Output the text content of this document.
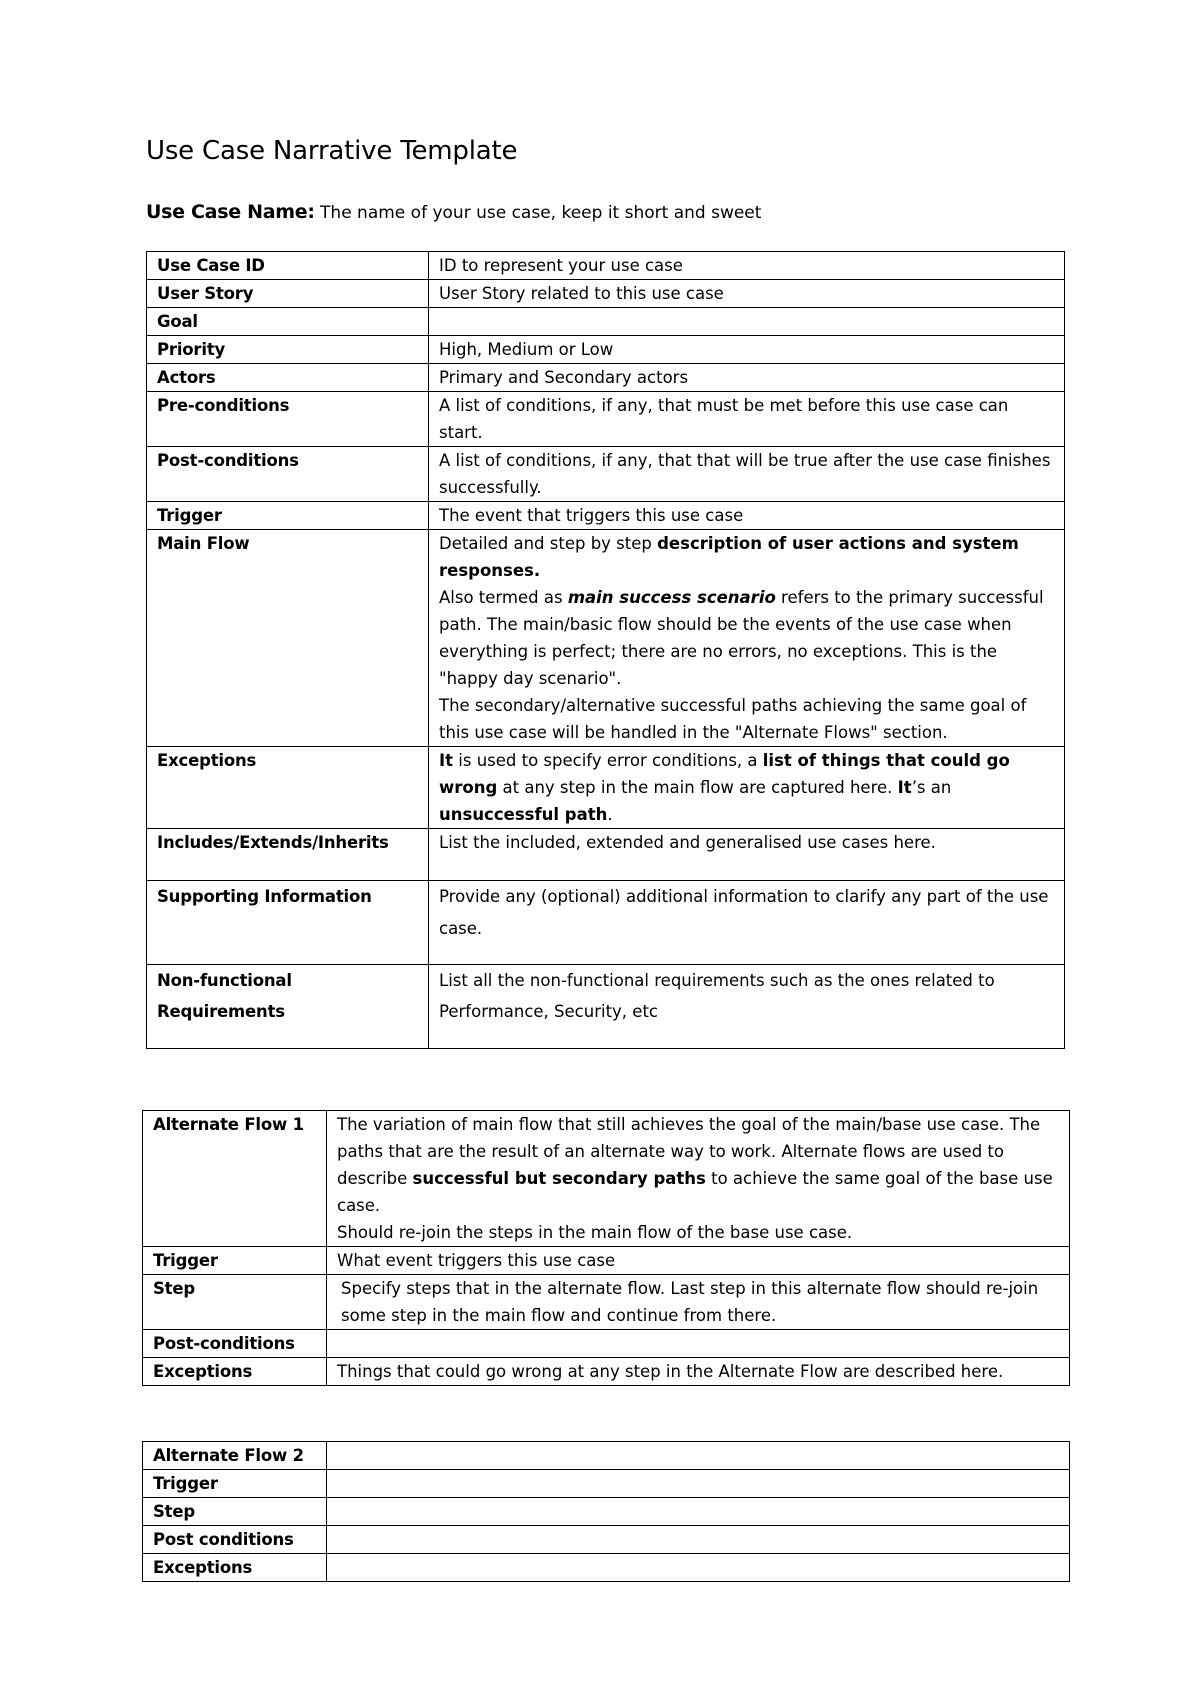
Use Case Narrative Template

Use Case Name: The name of your use case, keep it short and sweet

Use Case ID	ID to represent your use case
User Story	User Story related to this use case
Goal	
Priority	High, Medium or Low
Actors	Primary and Secondary actors
Pre-conditions	A list of conditions, if any, that must be met before this use case can start.
Post-conditions	A list of conditions, if any, that that will be true after the use case finishes successfully.
Trigger	The event that triggers this use case
Main Flow	Detailed and step by step description of user actions and system responses.

Also termed as main success scenario refers to the primary successful path. The main/basic flow should be the events of the use case when everything is perfect; there are no errors, no exceptions. This is the "happy day scenario".

The secondary/alternative successful paths achieving the same goal of this use case will be handled in the "Alternate Flows" section.

Exceptions	It is used to specify error conditions, a list of things that could go wrong at any step in the main flow are captured here. It’s an unsuccessful path.
Includes/Extends/Inherits	List the included, extended and generalised use cases here.
Supporting Information	Provide any (optional) additional information to clarify any part of the use case.
Non-functional Requirements	List all the non-functional requirements such as the ones related to Performance, Security, etc
Alternate Flow 1	The variation of main flow that still achieves the goal of the main/base use case. The paths that are the result of an alternate way to work. Alternate flows are used to describe successful but secondary paths to achieve the same goal of the base use case.

Should re-join the steps in the main flow of the base use case.

Trigger	What event triggers this use case
Step	Specify steps that in the alternate flow. Last step in this alternate flow should re-join some step in the main flow and continue from there.
Post-conditions	
Exceptions	Things that could go wrong at any step in the Alternate Flow are described here.
Alternate Flow 2	
Trigger	
Step	
Post conditions	
Exceptions	
